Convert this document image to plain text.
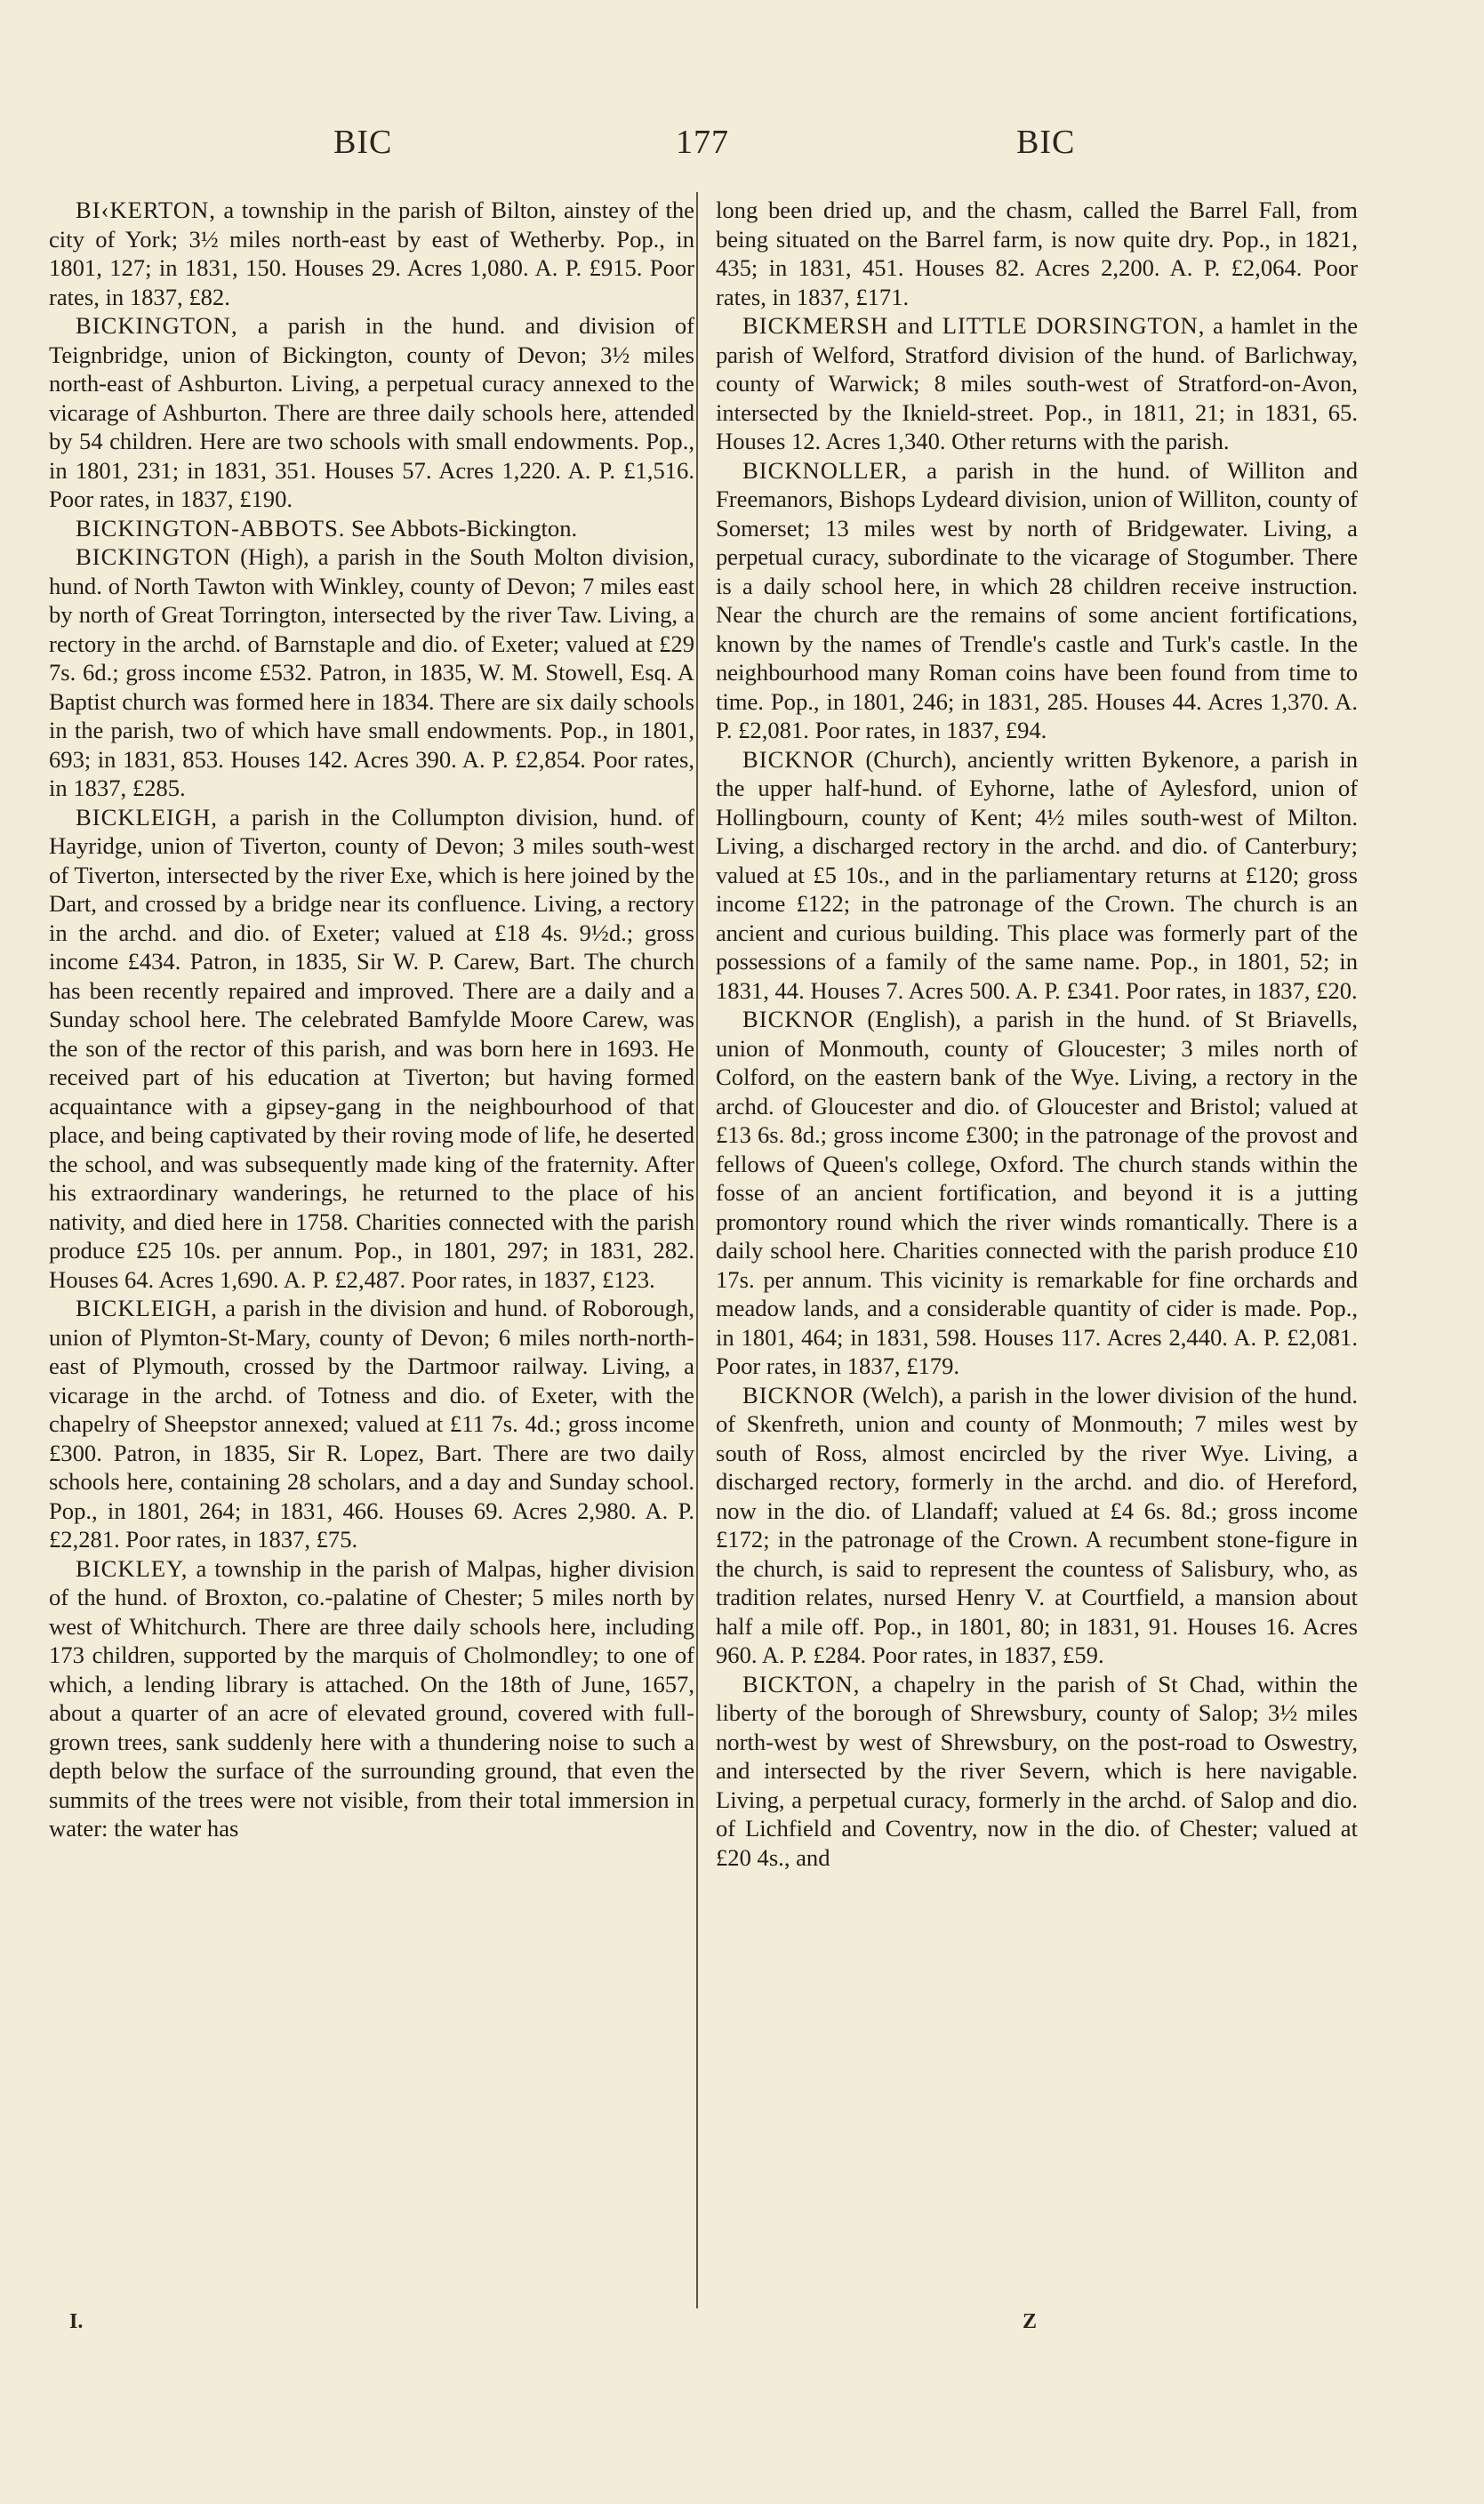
BIC	177	BIC

BI‹KERTON, a township in the parish of Bilton, ainstey of the city of York; 3½ miles north-east by east of Wetherby. Pop., in 1801, 127; in 1831, 150. Houses 29. Acres 1,080. A. P. £915. Poor rates, in 1837, £82.

BICKINGTON, a parish in the hund. and division of Teignbridge, union of Bickington, county of Devon; 3½ miles north-east of Ashburton. Living, a perpetual curacy annexed to the vicarage of Ashburton. There are three daily schools here, attended by 54 children. Here are two schools with small endowments. Pop., in 1801, 231; in 1831, 351. Houses 57. Acres 1,220. A. P. £1,516. Poor rates, in 1837, £190.

BICKINGTON-ABBOTS. See Abbots-Bickington.

BICKINGTON (High), a parish in the South Molton division, hund. of North Tawton with Winkley, county of Devon; 7 miles east by north of Great Torrington, intersected by the river Taw. Living, a rectory in the archd. of Barnstaple and dio. of Exeter; valued at £29 7s. 6d.; gross income £532. Patron, in 1835, W. M. Stowell, Esq. A Baptist church was formed here in 1834. There are six daily schools in the parish, two of which have small endowments. Pop., in 1801, 693; in 1831, 853. Houses 142. Acres 390. A. P. £2,854. Poor rates, in 1837, £285.

BICKLEIGH, a parish in the Collumpton division, hund. of Hayridge, union of Tiverton, county of Devon; 3 miles south-west of Tiverton, intersected by the river Exe, which is here joined by the Dart, and crossed by a bridge near its confluence. Living, a rectory in the archd. and dio. of Exeter; valued at £18 4s. 9½d.; gross income £434. Patron, in 1835, Sir W. P. Carew, Bart. The church has been recently repaired and improved. There are a daily and a Sunday school here. The celebrated Bamfylde Moore Carew, was the son of the rector of this parish, and was born here in 1693. He received part of his education at Tiverton; but having formed acquaintance with a gipsey-gang in the neighbourhood of that place, and being captivated by their roving mode of life, he deserted the school, and was subsequently made king of the fraternity. After his extraordinary wanderings, he returned to the place of his nativity, and died here in 1758. Charities connected with the parish produce £25 10s. per annum. Pop., in 1801, 297; in 1831, 282. Houses 64. Acres 1,690. A. P. £2,487. Poor rates, in 1837, £123.

BICKLEIGH, a parish in the division and hund. of Roborough, union of Plymton-St-Mary, county of Devon; 6 miles north-north-east of Plymouth, crossed by the Dartmoor railway. Living, a vicarage in the archd. of Totness and dio. of Exeter, with the chapelry of Sheepstor annexed; valued at £11 7s. 4d.; gross income £300. Patron, in 1835, Sir R. Lopez, Bart. There are two daily schools here, containing 28 scholars, and a day and Sunday school. Pop., in 1801, 264; in 1831, 466. Houses 69. Acres 2,980. A. P. £2,281. Poor rates, in 1837, £75.

BICKLEY, a township in the parish of Malpas, higher division of the hund. of Broxton, co.-palatine of Chester; 5 miles north by west of Whitchurch. There are three daily schools here, including 173 children, supported by the marquis of Cholmondley; to one of which, a lending library is attached. On the 18th of June, 1657, about a quarter of an acre of elevated ground, covered with full-grown trees, sank suddenly here with a thundering noise to such a depth below the surface of the surrounding ground, that even the summits of the trees were not visible, from their total immersion in water: the water has

long been dried up, and the chasm, called the Barrel Fall, from being situated on the Barrel farm, is now quite dry. Pop., in 1821, 435; in 1831, 451. Houses 82. Acres 2,200. A. P. £2,064. Poor rates, in 1837, £171.

BICKMERSH and LITTLE DORSINGTON, a hamlet in the parish of Welford, Stratford division of the hund. of Barlichway, county of Warwick; 8 miles south-west of Stratford-on-Avon, intersected by the Iknield-street. Pop., in 1811, 21; in 1831, 65. Houses 12. Acres 1,340. Other returns with the parish.

BICKNOLLER, a parish in the hund. of Williton and Freemanors, Bishops Lydeard division, union of Williton, county of Somerset; 13 miles west by north of Bridgewater. Living, a perpetual curacy, subordinate to the vicarage of Stogumber. There is a daily school here, in which 28 children receive instruction. Near the church are the remains of some ancient fortifications, known by the names of Trendle's castle and Turk's castle. In the neighbourhood many Roman coins have been found from time to time. Pop., in 1801, 246; in 1831, 285. Houses 44. Acres 1,370. A. P. £2,081. Poor rates, in 1837, £94.

BICKNOR (Church), anciently written Bykenore, a parish in the upper half-hund. of Eyhorne, lathe of Aylesford, union of Hollingbourn, county of Kent; 4½ miles south-west of Milton. Living, a discharged rectory in the archd. and dio. of Canterbury; valued at £5 10s., and in the parliamentary returns at £120; gross income £122; in the patronage of the Crown. The church is an ancient and curious building. This place was formerly part of the possessions of a family of the same name. Pop., in 1801, 52; in 1831, 44. Houses 7. Acres 500. A. P. £341. Poor rates, in 1837, £20.

BICKNOR (English), a parish in the hund. of St Briavells, union of Monmouth, county of Gloucester; 3 miles north of Colford, on the eastern bank of the Wye. Living, a rectory in the archd. of Gloucester and dio. of Gloucester and Bristol; valued at £13 6s. 8d.; gross income £300; in the patronage of the provost and fellows of Queen's college, Oxford. The church stands within the fosse of an ancient fortification, and beyond it is a jutting promontory round which the river winds romantically. There is a daily school here. Charities connected with the parish produce £10 17s. per annum. This vicinity is remarkable for fine orchards and meadow lands, and a considerable quantity of cider is made. Pop., in 1801, 464; in 1831, 598. Houses 117. Acres 2,440. A. P. £2,081. Poor rates, in 1837, £179.

BICKNOR (Welch), a parish in the lower division of the hund. of Skenfreth, union and county of Monmouth; 7 miles west by south of Ross, almost encircled by the river Wye. Living, a discharged rectory, formerly in the archd. and dio. of Hereford, now in the dio. of Llandaff; valued at £4 6s. 8d.; gross income £172; in the patronage of the Crown. A recumbent stone-figure in the church, is said to represent the countess of Salisbury, who, as tradition relates, nursed Henry V. at Courtfield, a mansion about half a mile off. Pop., in 1801, 80; in 1831, 91. Houses 16. Acres 960. A. P. £284. Poor rates, in 1837, £59.

BICKTON, a chapelry in the parish of St Chad, within the liberty of the borough of Shrewsbury, county of Salop; 3½ miles north-west by west of Shrewsbury, on the post-road to Oswestry, and intersected by the river Severn, which is here navigable. Living, a perpetual curacy, formerly in the archd. of Salop and dio. of Lichfield and Coventry, now in the dio. of Chester; valued at £20 4s., and

I.	Z
